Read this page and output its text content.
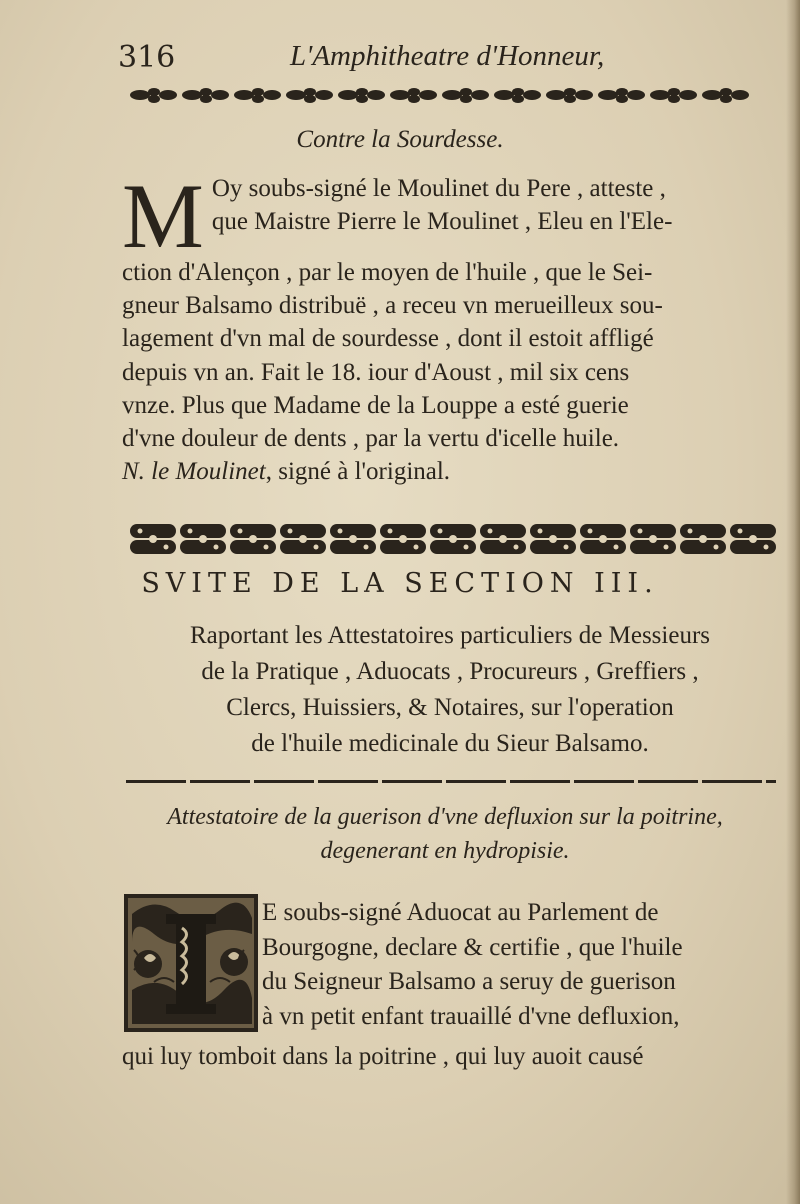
316	L'Amphitheatre d'Honneur,
Contre la Sourdesse.
M Oy soubs-signé le Moulinet du Pere , atteste ,
que Maistre Pierre le Moulinet , Eleu en l'Ele-
ction d'Alençon , par le moyen de l'huile , que le Sei-
gneur Balsamo distribuë , a receu vn merueilleux sou-
lagement d'vn mal de sourdesse , dont il estoit affligé
depuis vn an. Fait le 18. iour d'Aoust , mil six cens
vnze. Plus que Madame de la Louppe a esté guerie
d'vne douleur de dents , par la vertu d'icelle huile.
N. le Moulinet, signé à l'original.
SVITE DE LA SECTION III.
Raportant les Attestatoires particuliers de Messieurs
de la Pratique , Aduocats , Procureurs , Greffiers ,
Clercs, Huissiers, & Notaires, sur l'operation
de l'huile medicinale du Sieur Balsamo.
Attestatoire de la guerison d'vne defluxion sur la poitrine,
degenerant en hydropisie.
E soubs-signé Aduocat au Parlement de
Bourgogne, declare & certifie , que l'huile
du Seigneur Balsamo a seruy de guerison
à vn petit enfant trauaillé d'vne defluxion,
qui luy tomboit dans la poitrine , qui luy auoit causé
